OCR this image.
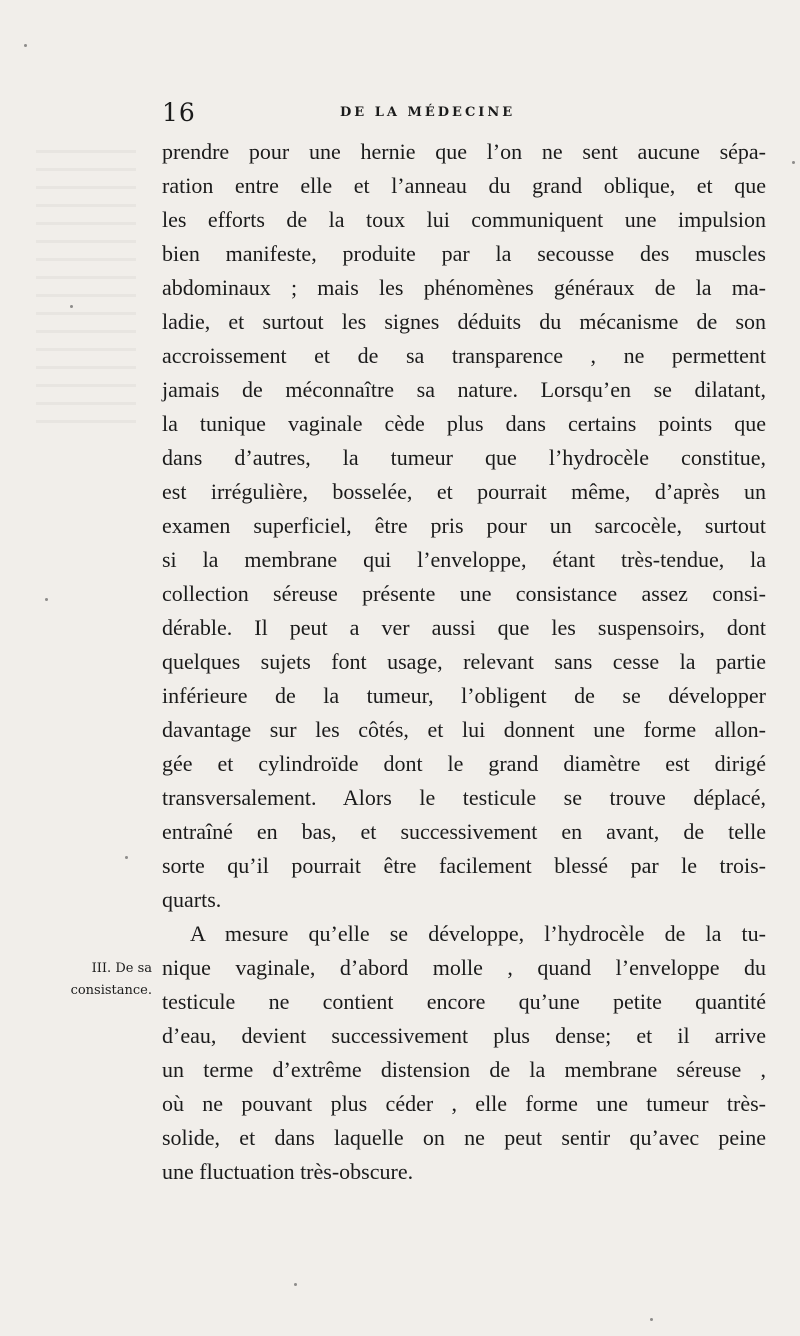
16	DE LA MÉDECINE
III. De sa
consistance.
prendre pour une hernie que l’on ne sent aucune sépa-
ration entre elle et l’anneau du grand oblique, et que
les efforts de la toux lui communiquent une impulsion
bien manifeste, produite par la secousse des muscles
abdominaux ; mais les phénomènes généraux de la ma-
ladie, et surtout les signes déduits du mécanisme de son
accroissement et de sa transparence , ne permettent
jamais de méconnaître sa nature. Lorsqu’en se dilatant,
la tunique vaginale cède plus dans certains points que
dans d’autres, la tumeur que l’hydrocèle constitue,
est irrégulière, bosselée, et pourrait même, d’après un
examen superficiel, être pris pour un sarcocèle, surtout
si la membrane qui l’enveloppe, étant très-tendue, la
collection séreuse présente une consistance assez consi-
dérable. Il peut a ver aussi que les suspensoirs, dont
quelques sujets font usage, relevant sans cesse la partie
inférieure de la tumeur, l’obligent de se développer
davantage sur les côtés, et lui donnent une forme allon-
gée et cylindroïde dont le grand diamètre est dirigé
transversalement. Alors le testicule se trouve déplacé,
entraîné en bas, et successivement en avant, de telle
sorte qu’il pourrait être facilement blessé par le trois-
quarts.
A mesure qu’elle se développe, l’hydrocèle de la tu-
nique vaginale, d’abord molle , quand l’enveloppe du
testicule ne contient encore qu’une petite quantité
d’eau, devient successivement plus dense; et il arrive
un terme d’extrême distension de la membrane séreuse ,
où ne pouvant plus céder , elle forme une tumeur très-
solide, et dans laquelle on ne peut sentir qu’avec peine
une fluctuation très-obscure.
